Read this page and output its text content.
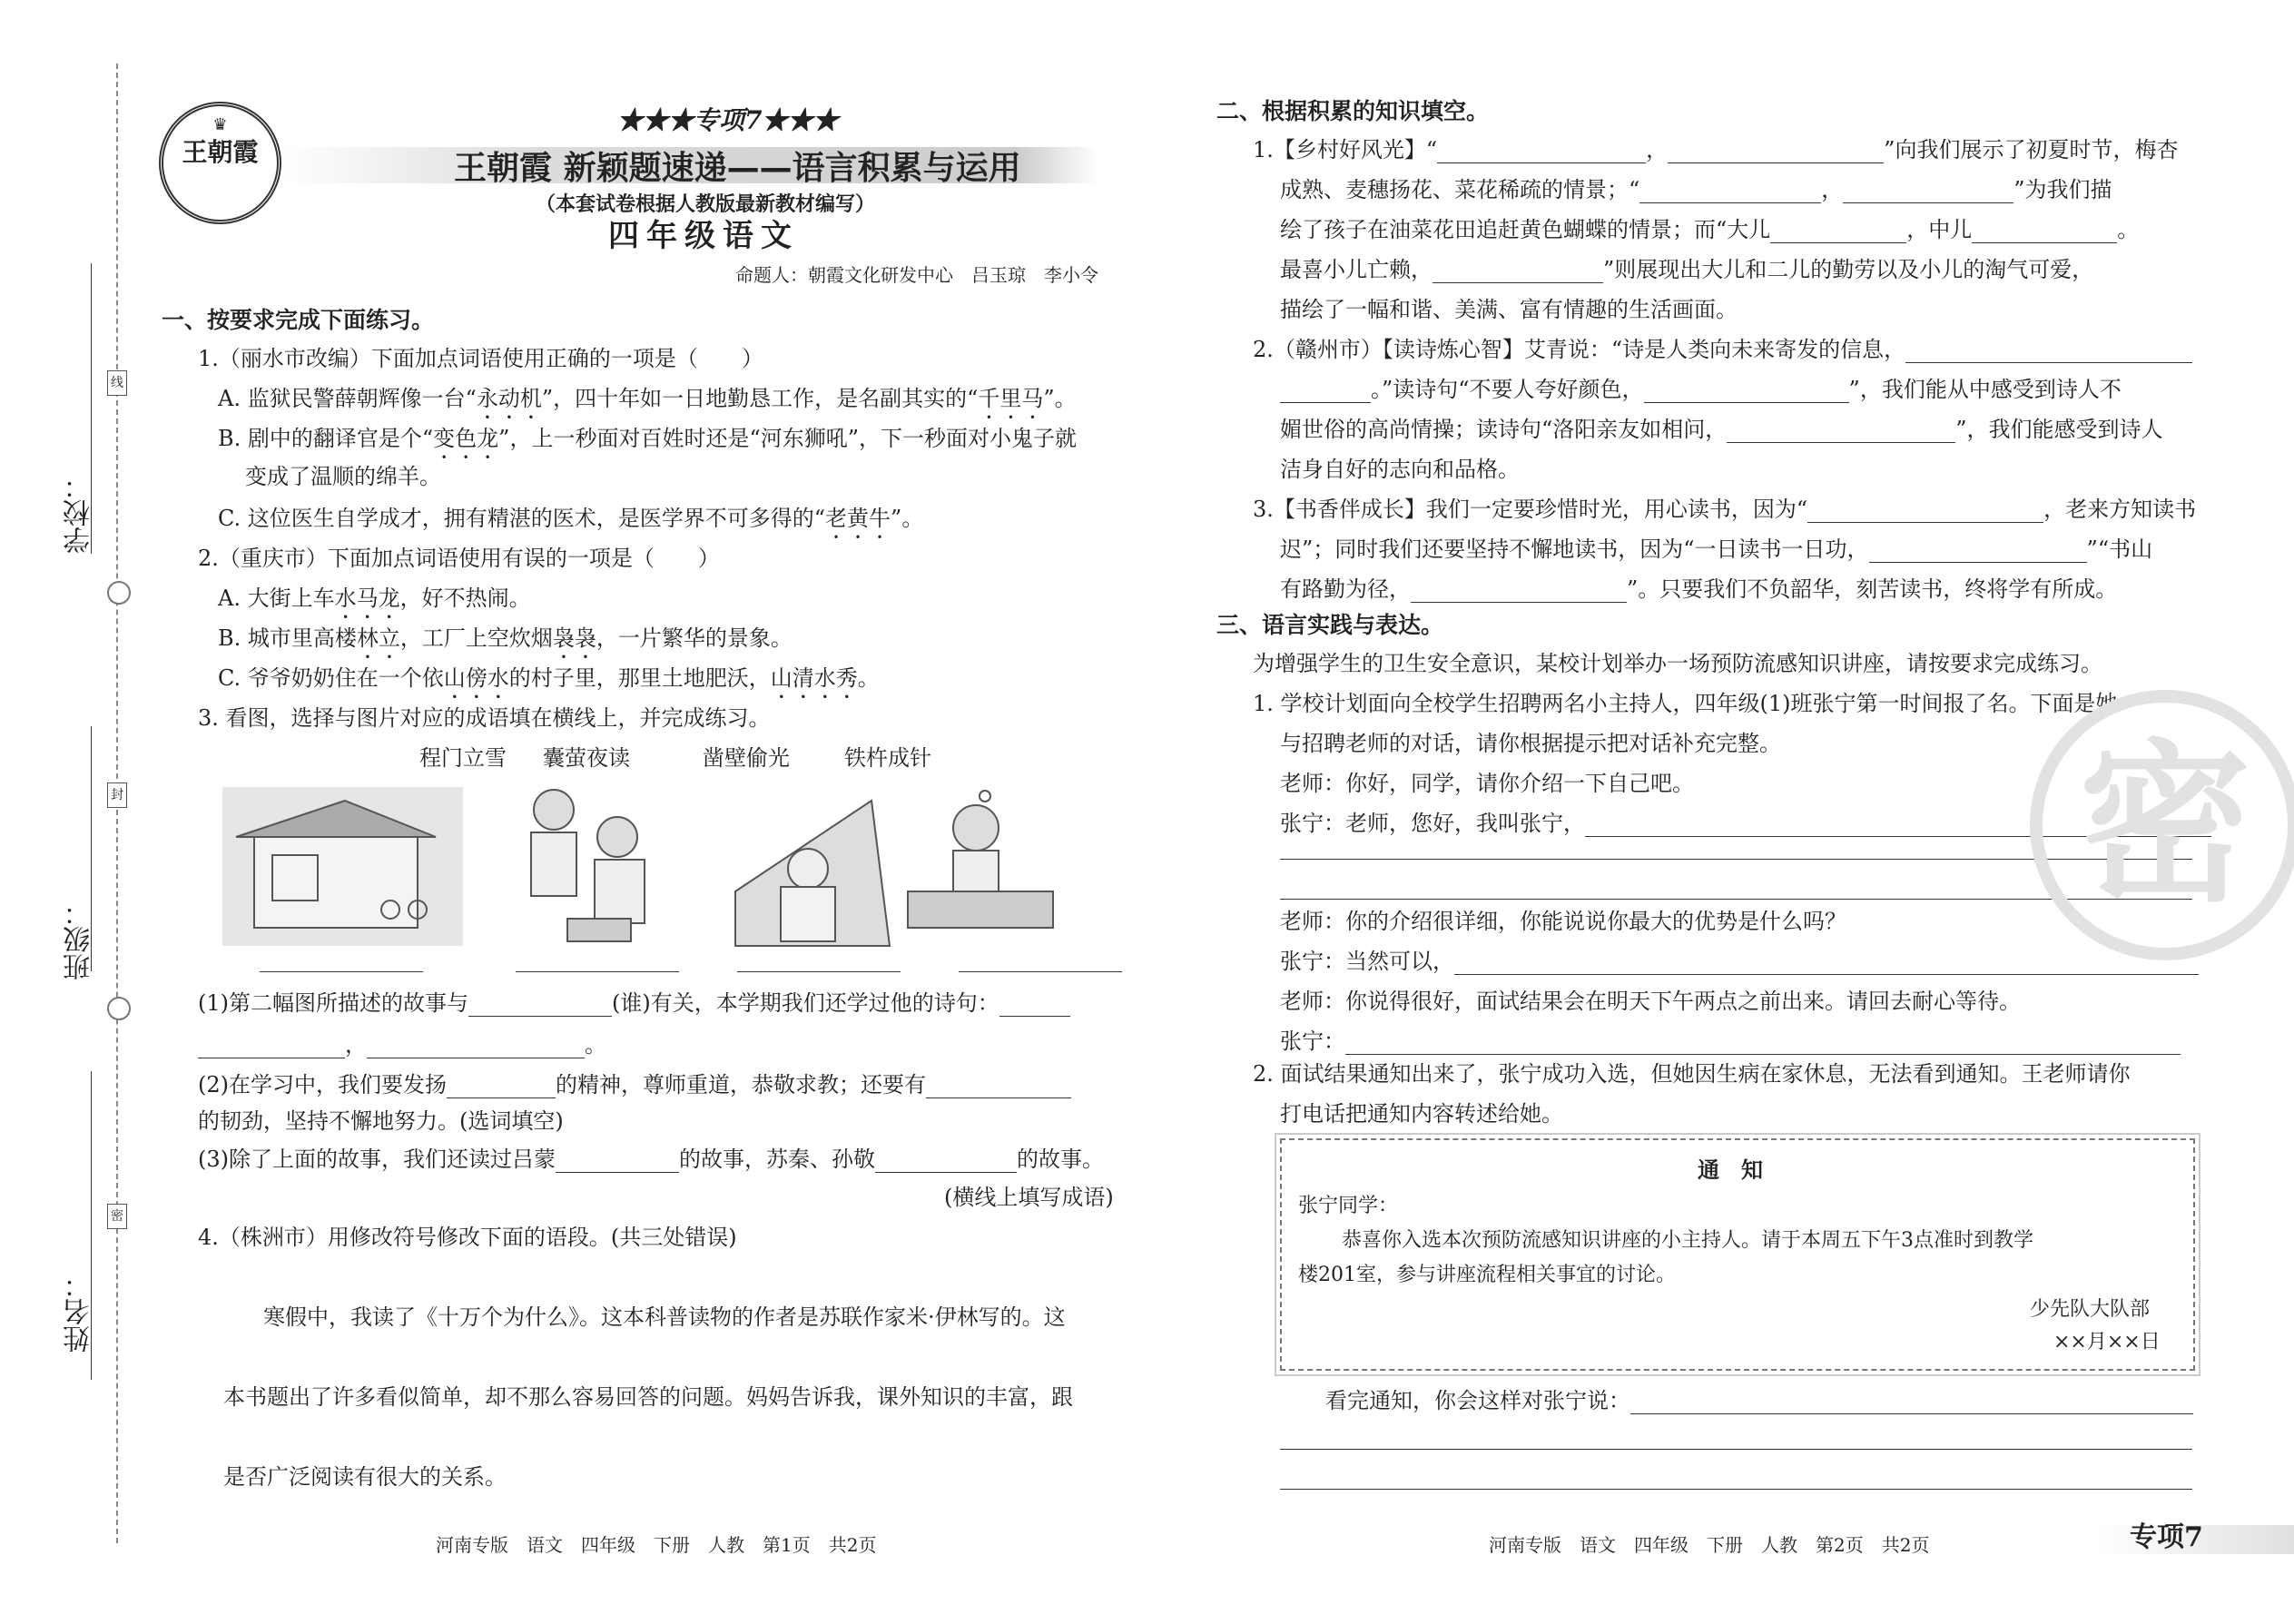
线
封
密
学校：
班级：
姓名：
♛
王朝霞
★★★专项7★★★
王朝霞 新颖题速递——语言积累与运用
（本套试卷根据人教版最新教材编写）
四年级语文
命题人：朝霞文化研发中心　吕玉琼　李小令
一、按要求完成下面练习。
1.（丽水市改编）下面加点词语使用正确的一项是（　　）
A. 监狱民警薛朝辉像一台“永动机”，四十年如一日地勤恳工作，是名副其实的“千里马”。
B. 剧中的翻译官是个“变色龙”，上一秒面对百姓时还是“河东狮吼”，下一秒面对小鬼子就
变成了温顺的绵羊。
C. 这位医生自学成才，拥有精湛的医术，是医学界不可多得的“老黄牛”。
2.（重庆市）下面加点词语使用有误的一项是（　　）
A. 大街上车水马龙，好不热闹。
B. 城市里高楼林立，工厂上空炊烟袅袅，一片繁华的景象。
C. 爷爷奶奶住在一个依山傍水的村子里，那里土地肥沃，山清水秀。
3. 看图，选择与图片对应的成语填在横线上，并完成练习。
程门立雪 囊萤夜读	凿壁偷光	铁杵成针
(1)第二幅图所描述的故事与	(谁)有关，本学期我们还学过他的诗句：
，	。
(2)在学习中，我们要发扬	的精神，尊师重道，恭敬求教；还要有
的韧劲，坚持不懈地努力。(选词填空)
(3)除了上面的故事，我们还读过吕蒙	的故事，苏秦、孙敬	的故事。
(横线上填写成语)
4.（株洲市）用修改符号修改下面的语段。(共三处错误)
寒假中，我读了《十万个为什么》。这本科普读物的作者是苏联作家米·伊林写的。这
本书题出了许多看似简单，却不那么容易回答的问题。妈妈告诉我，课外知识的丰富，跟
是否广泛阅读有很大的关系。
二、根据积累的知识填空。
1.【乡村好风光】“	，	”向我们展示了初夏时节，梅杏
成熟、麦穗扬花、菜花稀疏的情景；“	，	”为我们描
绘了孩子在油菜花田追赶黄色蝴蝶的情景；而“大儿	，中儿	。
最喜小儿亡赖，	”则展现出大儿和二儿的勤劳以及小儿的淘气可爱，
描绘了一幅和谐、美满、富有情趣的生活画面。
2.（赣州市）【读诗炼心智】艾青说：“诗是人类向未来寄发的信息，
。”读诗句“不要人夸好颜色，	”，我们能从中感受到诗人不
媚世俗的高尚情操；读诗句“洛阳亲友如相问，	”，我们能感受到诗人
洁身自好的志向和品格。
3.【书香伴成长】我们一定要珍惜时光，用心读书，因为“	，老来方知读书
迟”；同时我们还要坚持不懈地读书，因为“一日读书一日功，	”“书山
有路勤为径，	”。只要我们不负韶华，刻苦读书，终将学有所成。
三、语言实践与表达。
为增强学生的卫生安全意识，某校计划举办一场预防流感知识讲座，请按要求完成练习。
1. 学校计划面向全校学生招聘两名小主持人，四年级(1)班张宁第一时间报了名。下面是她
与招聘老师的对话，请你根据提示把对话补充完整。
老师：你好，同学，请你介绍一下自己吧。
张宁：老师，您好，我叫张宁，
老师：你的介绍很详细，你能说说你最大的优势是什么吗？
张宁：当然可以，
老师：你说得很好，面试结果会在明天下午两点之前出来。请回去耐心等待。
张宁：
2. 面试结果通知出来了，张宁成功入选，但她因生病在家休息，无法看到通知。王老师请你
打电话把通知内容转述给她。
通　知
张宁同学：
恭喜你入选本次预防流感知识讲座的小主持人。请于本周五下午3点准时到教学
楼201室，参与讲座流程相关事宜的讨论。
少先队大队部
××月××日
看完通知，你会这样对张宁说：
密
河南专版　语文　四年级　下册　人教　第1页　共2页	河南专版　语文　四年级　下册　人教　第2页　共2页	专项7
